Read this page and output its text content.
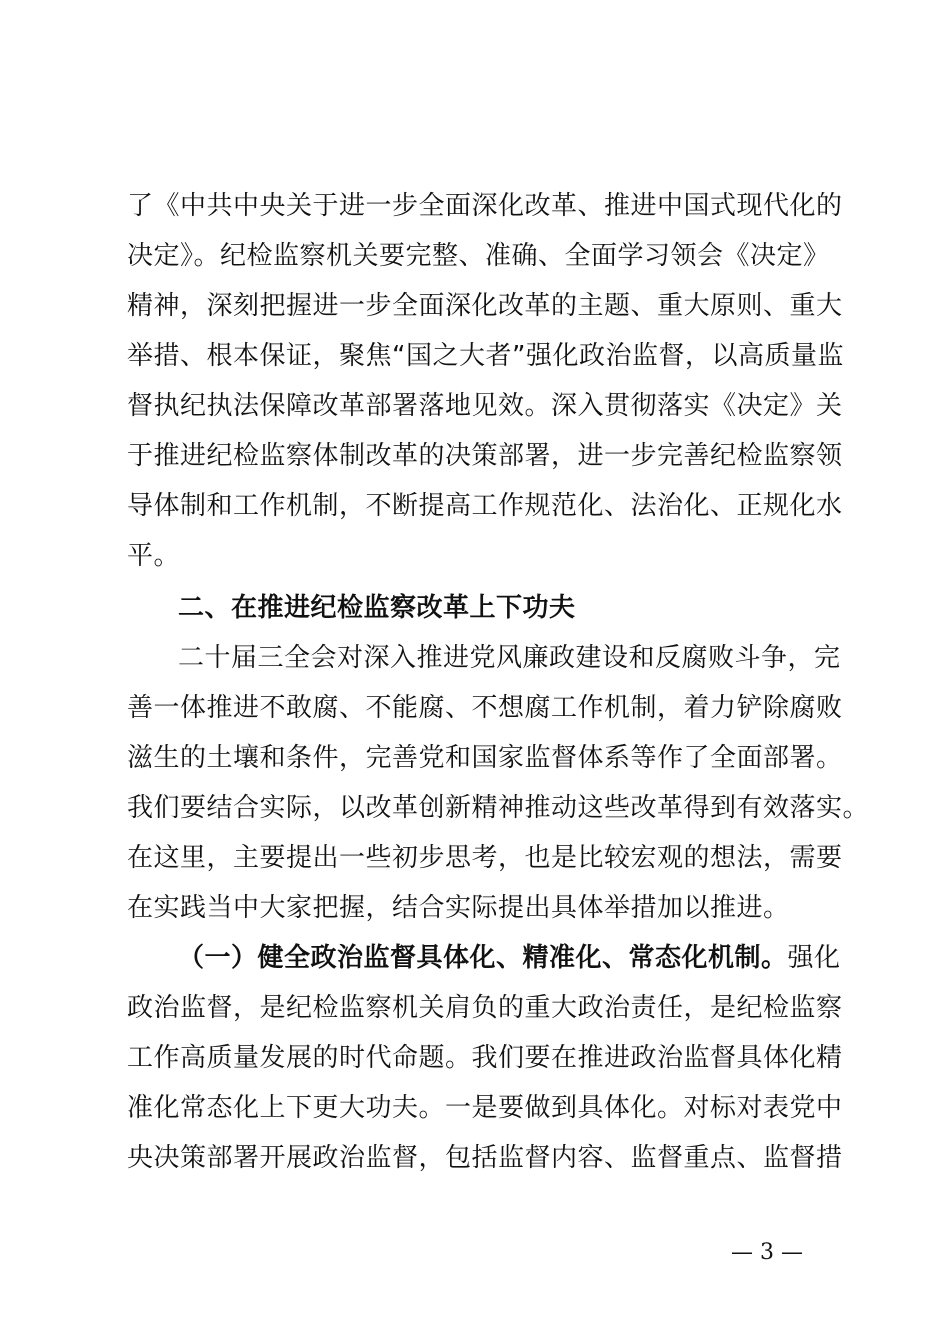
了《中共中央关于进一步全面深化改革、推进中国式现代化的
决定》。纪检监察机关要完整、准确、全面学习领会《决定》
精神，深刻把握进一步全面深化改革的主题、重大原则、重大
举措、根本保证，聚焦“国之大者”强化政治监督，以高质量监
督执纪执法保障改革部署落地见效。深入贯彻落实《决定》关
于推进纪检监察体制改革的决策部署，进一步完善纪检监察领
导体制和工作机制，不断提高工作规范化、法治化、正规化水
平。
二、在推进纪检监察改革上下功夫
二十届三全会对深入推进党风廉政建设和反腐败斗争，完
善一体推进不敢腐、不能腐、不想腐工作机制，着力铲除腐败
滋生的土壤和条件，完善党和国家监督体系等作了全面部署。
我们要结合实际，以改革创新精神推动这些改革得到有效落实。
在这里，主要提出一些初步思考，也是比较宏观的想法，需要
在实践当中大家把握，结合实际提出具体举措加以推进。
（一）健全政治监督具体化、精准化、常态化机制。强化
政治监督，是纪检监察机关肩负的重大政治责任，是纪检监察
工作高质量发展的时代命题。我们要在推进政治监督具体化精
准化常态化上下更大功夫。一是要做到具体化。对标对表党中
央决策部署开展政治监督，包括监督内容、监督重点、监督措
— 3 —
